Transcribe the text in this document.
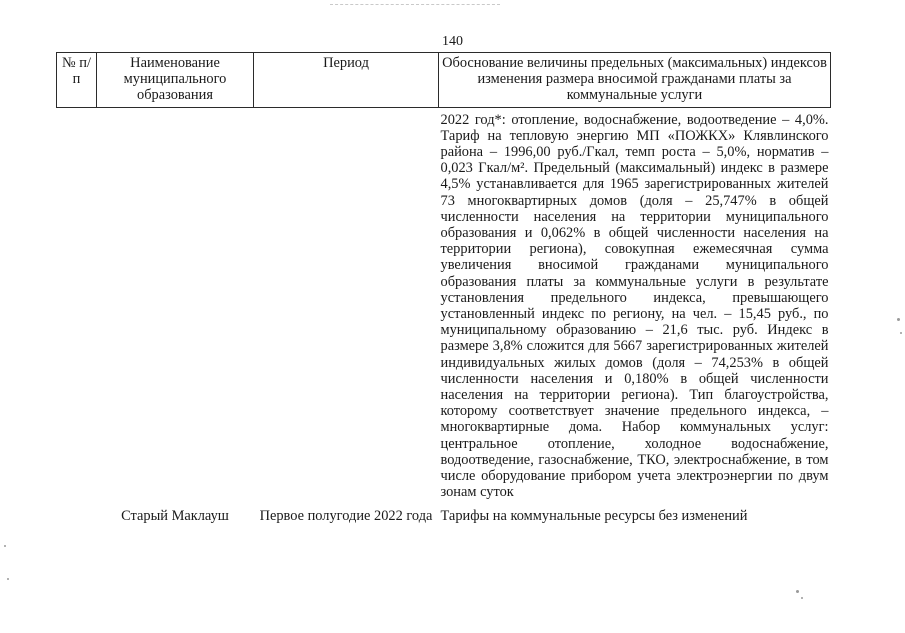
140
№ п/п	Наименование муниципального образования	Период	Обоснование величины предельных (максимальных) индексов изменения размера вносимой гражданами платы за коммунальные услуги
			2022 год*: отопление, водоснабжение, водоотведение – 4,0%. Тариф на тепловую энергию МП «ПОЖКХ» Клявлинского района – 1996,00 руб./Гкал, темп роста – 5,0%, норматив – 0,023 Гкал/м². Предельный (максимальный) индекс в размере 4,5% устанавливается для 1965 зарегистрированных жителей 73 многоквартирных домов (доля – 25,747% в общей численности населения на территории муниципального образования и 0,062% в общей численности населения на территории региона), совокупная ежемесячная сумма увеличения вносимой гражданами муниципального образования платы за коммунальные услуги в результате установления предельного индекса, превышающего установленный индекс по региону, на чел. – 15,45 руб., по муниципальному образованию – 21,6 тыс. руб. Индекс в размере 3,8% сложится для 5667 зарегистрированных жителей индивидуальных жилых домов (доля – 74,253% в общей численности населения и 0,180% в общей численности населения на территории региона). Тип благоустройства, которому соответствует значение предельного индекса, – многоквартирные дома. Набор коммунальных услуг: центральное отопление, холодное водоснабжение, водоотведение, газоснабжение, ТКО, электроснабжение, в том числе оборудование прибором учета электроэнергии по двум зонам суток
	Старый Маклауш	Первое полугодие 2022 года	Тарифы на коммунальные ресурсы без изменений
